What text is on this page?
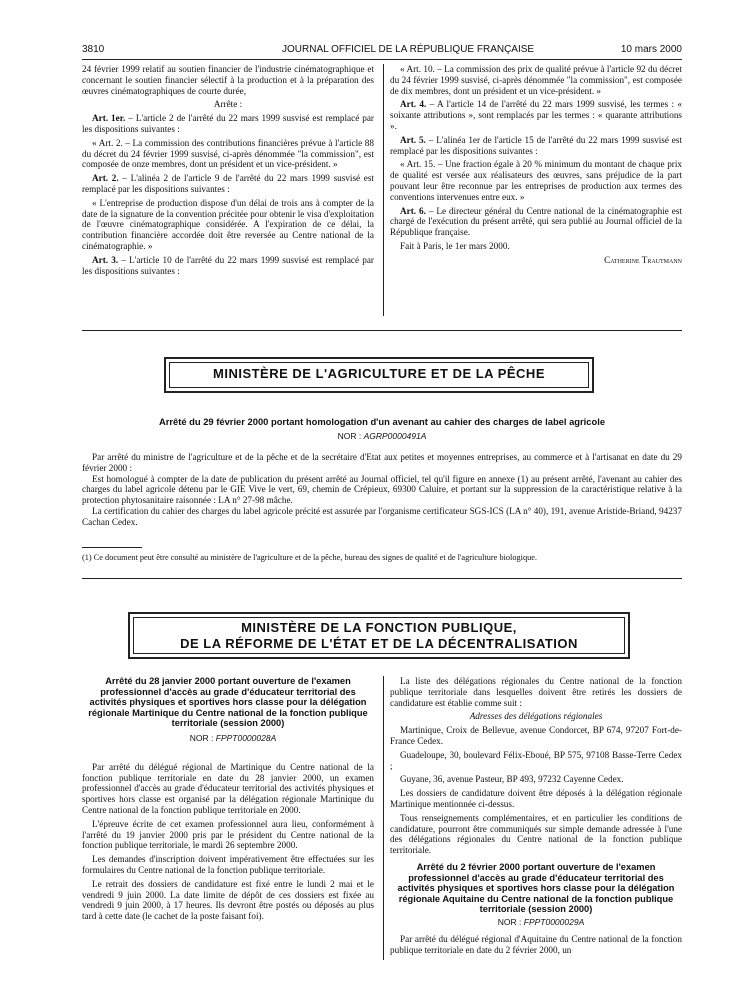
3810	JOURNAL OFFICIEL DE LA RÉPUBLIQUE FRANÇAISE	10 mars 2000

24 février 1999 relatif au soutien financier de l'industrie cinématographique et concernant le soutien financier sélectif à la production et à la préparation des œuvres cinématographiques de courte durée,

Arrête :

Art. 1er. – L'article 2 de l'arrêté du 22 mars 1999 susvisé est remplacé par les dispositions suivantes :

« Art. 2. – La commission des contributions financières prévue à l'article 88 du décret du 24 février 1999 susvisé, ci-après dénommée "la commission", est composée de onze membres, dont un président et un vice-président. »

Art. 2. – L'alinéa 2 de l'article 9 de l'arrêté du 22 mars 1999 susvisé est remplacé par les dispositions suivantes :

« L'entreprise de production dispose d'un délai de trois ans à compter de la date de la signature de la convention précitée pour obtenir le visa d'exploitation de l'œuvre cinématographique considérée. A l'expiration de ce délai, la contribution financière accordée doit être reversée au Centre national de la cinématographie. »

Art. 3. – L'article 10 de l'arrêté du 22 mars 1999 susvisé est remplacé par les dispositions suivantes :

« Art. 10. – La commission des prix de qualité prévue à l'article 92 du décret du 24 février 1999 susvisé, ci-après dénommée "la commission", est composée de dix membres, dont un président et un vice-président. »

Art. 4. – A l'article 14 de l'arrêté du 22 mars 1999 susvisé, les termes : « soixante attributions », sont remplacés par les termes : « quarante attributions ».

Art. 5. – L'alinéa 1er de l'article 15 de l'arrêté du 22 mars 1999 susvisé est remplacé par les dispositions suivantes :

« Art. 15. – Une fraction égale à 20 % minimum du montant de chaque prix de qualité est versée aux réalisateurs des œuvres, sans préjudice de la part pouvant leur être reconnue par les entreprises de production aux termes des conventions intervenues entre eux. »

Art. 6. – Le directeur général du Centre national de la cinématographie est chargé de l'exécution du présent arrêté, qui sera publié au Journal officiel de la République française.

Fait à Paris, le 1er mars 2000.

Catherine Trautmann

MINISTÈRE DE L'AGRICULTURE ET DE LA PÊCHE
Arrêté du 29 février 2000 portant homologation d'un avenant au cahier des charges de label agricole
NOR : AGRP0000491A

Par arrêté du ministre de l'agriculture et de la pêche et de la secrétaire d'Etat aux petites et moyennes entreprises, au commerce et à l'artisanat en date du 29 février 2000 :

Est homologué à compter de la date de publication du présent arrêté au Journal officiel, tel qu'il figure en annexe (1) au présent arrêté, l'avenant au cahier des charges du label agricole détenu par le GIE Vive le vert, 69, chemin de Crépieux, 69300 Caluire, et portant sur la suppression de la caractéristique relative à la protection phytosanitaire raisonnée : LA n° 27-98 mâche.

La certification du cahier des charges du label agricole précité est assurée par l'organisme certificateur SGS-ICS (LA n° 40), 191, avenue Aristide-Briand, 94237 Cachan Cedex.

(1) Ce document peut être consulté au ministère de l'agriculture et de la pêche, bureau des signes de qualité et de l'agriculture biologique.
MINISTÈRE DE LA FONCTION PUBLIQUE,
DE LA RÉFORME DE L'ÉTAT ET DE LA DÉCENTRALISATION

Arrêté du 28 janvier 2000 portant ouverture de l'examen professionnel d'accès au grade d'éducateur territorial des activités physiques et sportives hors classe pour la délégation régionale Martinique du Centre national de la fonction publique territoriale (session 2000)

NOR : FPPT0000028A

Par arrêté du délégué régional de Martinique du Centre national de la fonction publique territoriale en date du 28 janvier 2000, un examen professionnel d'accès au grade d'éducateur territorial des activités physiques et sportives hors classe est organisé par la délégation régionale Martinique du Centre national de la fonction publique territoriale en 2000.

L'épreuve écrite de cet examen professionnel aura lieu, conformément à l'arrêté du 19 janvier 2000 pris par le président du Centre national de la fonction publique territoriale, le mardi 26 septembre 2000.

Les demandes d'inscription doivent impérativement être effectuées sur les formulaires du Centre national de la fonction publique territoriale.

Le retrait des dossiers de candidature est fixé entre le lundi 2 mai et le vendredi 9 juin 2000. La date limite de dépôt de ces dossiers est fixée au vendredi 9 juin 2000, à 17 heures. Ils devront être postés ou déposés au plus tard à cette date (le cachet de la poste faisant foi).

La liste des délégations régionales du Centre national de la fonction publique territoriale dans lesquelles doivent être retirés les dossiers de candidature est établie comme suit :

Adresses des délégations régionales

Martinique, Croix de Bellevue, avenue Condorcet, BP 674, 97207 Fort-de-France Cedex.

Guadeloupe, 30, boulevard Félix-Eboué, BP 575, 97108 Basse-Terre Cedex ;

Guyane, 36, avenue Pasteur, BP 493, 97232 Cayenne Cedex.

Les dossiers de candidature doivent être déposés à la délégation régionale Martinique mentionnée ci-dessus.

Tous renseignements complémentaires, et en particulier les conditions de candidature, pourront être communiqués sur simple demande adressée à l'une des délégations régionales du Centre national de la fonction publique territoriale.

Arrêté du 2 février 2000 portant ouverture de l'examen professionnel d'accès au grade d'éducateur territorial des activités physiques et sportives hors classe pour la délégation régionale Aquitaine du Centre national de la fonction publique territoriale (session 2000)

NOR : FPPT0000029A

Par arrêté du délégué régional d'Aquitaine du Centre national de la fonction publique territoriale en date du 2 février 2000, un
